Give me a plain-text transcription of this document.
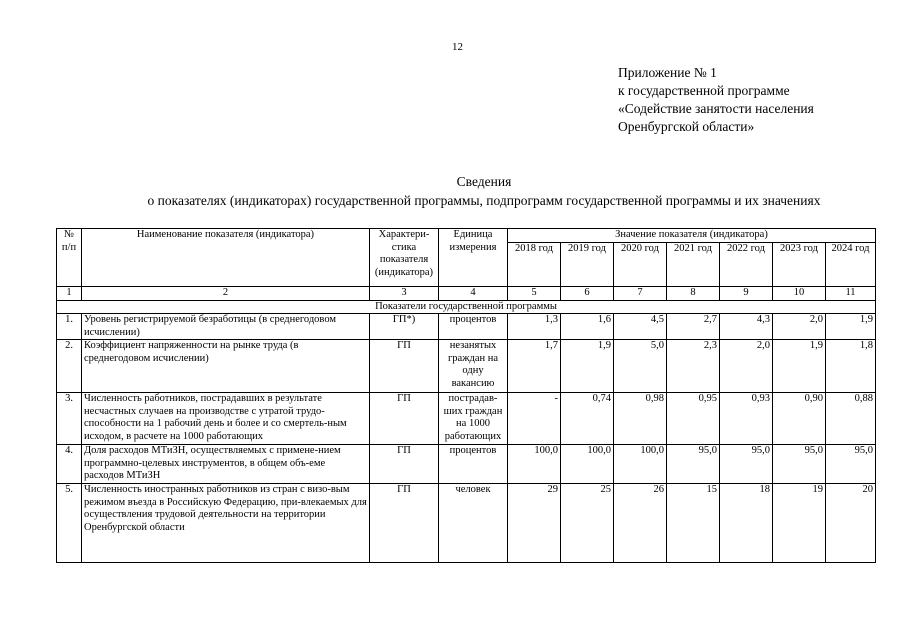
12
Приложение № 1
к государственной программе
«Содействие занятости населения
Оренбургской области»
Сведения
о показателях (индикаторах) государственной программы, подпрограмм государственной программы и их значениях
№ п/п	Наименование показателя (индикатора)	Характери-стика показателя (индикатора)	Единица измерения	Значение показателя (индикатора)						
				2018 год	2019 год	2020 год	2021 год	2022 год	2023 год	2024 год
1	2	3	4	5	6	7	8	9	10	11
Показатели государственной программы										
1.	Уровень регистрируемой безработицы (в среднегодовом исчислении)	ГП*)	процентов	1,3	1,6	4,5	2,7	4,3	2,0	1,9
2.	Коэффициент напряженности на рынке труда (в среднегодовом исчислении)	ГП	незанятых граждан на одну вакансию	1,7	1,9	5,0	2,3	2,0	1,9	1,8
3.	Численность работников, пострадавших в результате несчастных случаев на производстве с утратой трудо-способности на 1 рабочий день и более и со смертель-ным исходом, в расчете на 1000 работающих	ГП	пострадав-ших граждан на 1000 работающих	-	0,74	0,98	0,95	0,93	0,90	0,88
4.	Доля расходов МТиЗН, осуществляемых с примене-нием программно-целевых инструментов, в общем объ-еме расходов МТиЗН	ГП	процентов	100,0	100,0	100,0	95,0	95,0	95,0	95,0
5.	Численность иностранных работников из стран с визо-вым режимом въезда в Российскую Федерацию, при-влекаемых для осуществления трудовой деятельности на территории Оренбургской области	ГП	человек	29	25	26	15	18	19	20
